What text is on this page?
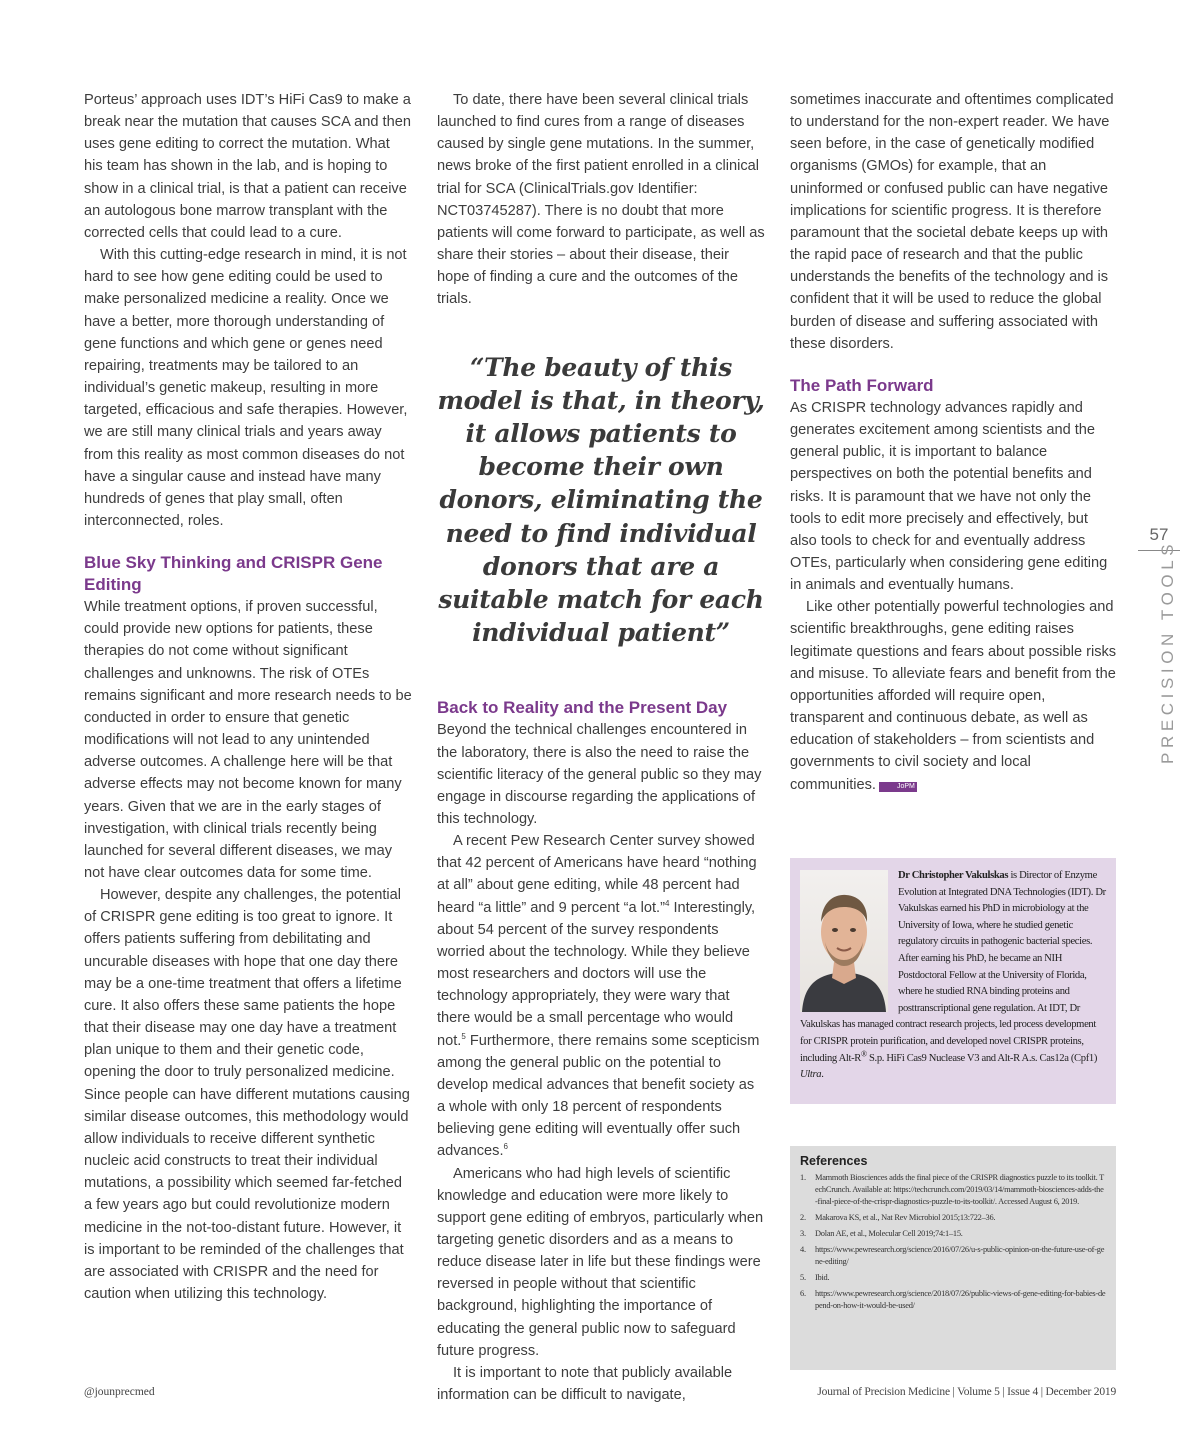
Porteus’ approach uses IDT’s HiFi Cas9 to make a break near the mutation that causes SCA and then uses gene editing to correct the mutation. What his team has shown in the lab, and is hoping to show in a clinical trial, is that a patient can receive an autologous bone marrow transplant with the corrected cells that could lead to a cure.

With this cutting-edge research in mind, it is not hard to see how gene editing could be used to make personalized medicine a reality. Once we have a better, more thorough understanding of gene functions and which gene or genes need repairing, treatments may be tailored to an individual’s genetic makeup, resulting in more targeted, efficacious and safe therapies. However, we are still many clinical trials and years away from this reality as most common diseases do not have a singular cause and instead have many hundreds of genes that play small, often interconnected, roles.

Blue Sky Thinking and CRISPR Gene Editing

While treatment options, if proven successful, could provide new options for patients, these therapies do not come without significant challenges and unknowns. The risk of OTEs remains significant and more research needs to be conducted in order to ensure that genetic modifications will not lead to any unintended adverse outcomes. A challenge here will be that adverse effects may not become known for many years. Given that we are in the early stages of investigation, with clinical trials recently being launched for several different diseases, we may not have clear outcomes data for some time.

However, despite any challenges, the potential of CRISPR gene editing is too great to ignore. It offers patients suffering from debilitating and uncurable diseases with hope that one day there may be a one-time treatment that offers a lifetime cure. It also offers these same patients the hope that their disease may one day have a treatment plan unique to them and their genetic code, opening the door to truly personalized medicine. Since people can have different mutations causing similar disease outcomes, this methodology would allow individuals to receive different synthetic nucleic acid constructs to treat their individual mutations, a possibility which seemed far-fetched a few years ago but could revolutionize modern medicine in the not-too-distant future. However, it is important to be reminded of the challenges that are associated with CRISPR and the need for caution when utilizing this technology.

To date, there have been several clinical trials launched to find cures from a range of diseases caused by single gene mutations. In the summer, news broke of the first patient enrolled in a clinical trial for SCA (ClinicalTrials.gov Identifier: NCT03745287). There is no doubt that more patients will come forward to participate, as well as share their stories – about their disease, their hope of finding a cure and the outcomes of the trials.

“The beauty of this model is that, in theory, it allows patients to become their own donors, eliminating the need to find individual donors that are a suitable match for each individual patient”
Back to Reality and the Present Day

Beyond the technical challenges encountered in the laboratory, there is also the need to raise the scientific literacy of the general public so they may engage in discourse regarding the applications of this technology.

A recent Pew Research Center survey showed that 42 percent of Americans have heard “nothing at all” about gene editing, while 48 percent had heard “a little” and 9 percent “a lot.”$^4$ Interestingly, about 54 percent of the survey respondents worried about the technology. While they believe most researchers and doctors will use the technology appropriately, they were wary that there would be a small percentage who would not.$^5$ Furthermore, there remains some scepticism among the general public on the potential to develop medical advances that benefit society as a whole with only 18 percent of respondents believing gene editing will eventually offer such advances.$^6$

Americans who had high levels of scientific knowledge and education were more likely to support gene editing of embryos, particularly when targeting genetic disorders and as a means to reduce disease later in life but these findings were reversed in people without that scientific background, highlighting the importance of educating the general public now to safeguard future progress.

It is important to note that publicly available information can be difficult to navigate,

sometimes inaccurate and oftentimes complicated to understand for the non-expert reader. We have seen before, in the case of genetically modified organisms (GMOs) for example, that an uninformed or confused public can have negative implications for scientific progress. It is therefore paramount that the societal debate keeps up with the rapid pace of research and that the public understands the benefits of the technology and is confident that it will be used to reduce the global burden of disease and suffering associated with these disorders.

The Path Forward

As CRISPR technology advances rapidly and generates excitement among scientists and the general public, it is important to balance perspectives on both the potential benefits and risks. It is paramount that we have not only the tools to edit more precisely and effectively, but also tools to check for and eventually address OTEs, particularly when considering gene editing in animals and eventually humans.

Like other potentially powerful technologies and scientific breakthroughs, gene editing raises legitimate questions and fears about possible risks and misuse. To alleviate fears and benefit from the opportunities afforded will require open, transparent and continuous debate, as well as education of stakeholders – from scientists and governments to civil society and local communities.	JoPM

Dr Christopher Vakulskas is Director of Enzyme Evolution at Integrated DNA Technologies (IDT). Dr Vakulskas earned his PhD in microbiology at the University of Iowa, where he studied genetic regulatory circuits in pathogenic bacterial species. After earning his PhD, he became an NIH Postdoctoral Fellow at the University of Florida, where he studied RNA binding proteins and posttranscriptional gene regulation. At IDT, Dr Vakulskas has managed contract research projects, led process development for CRISPR protein purification, and developed novel CRISPR proteins, including Alt-R® S.p. HiFi Cas9 Nuclease V3 and Alt-R A.s. Cas12a (Cpf1) Ultra.
References
1. Mammoth Biosciences adds the final piece of the CRISPR diagnostics puzzle to its toolkit. TechCrunch. Available at: https://techcrunch.com/2019/03/14/mammoth-biosciences-adds-the-final-piece-of-the-crispr-diagnostics-puzzle-to-its-toolkit/. Accessed August 6, 2019.
2. Makarova KS, et al., Nat Rev Microbiol 2015;13:722–36.
3. Dolan AE, et al., Molecular Cell 2019;74:1–15.
4. https://www.pewresearch.org/science/2016/07/26/u-s-public-opinion-on-the-future-use-of-gene-editing/
5. Ibid.
6. https://www.pewresearch.org/science/2018/07/26/public-views-of-gene-editing-for-babies-depend-on-how-it-would-be-used/
57
PRECISION TOOLS
@jounprecmed	Journal of Precision Medicine | Volume 5 | Issue 4 | December 2019
